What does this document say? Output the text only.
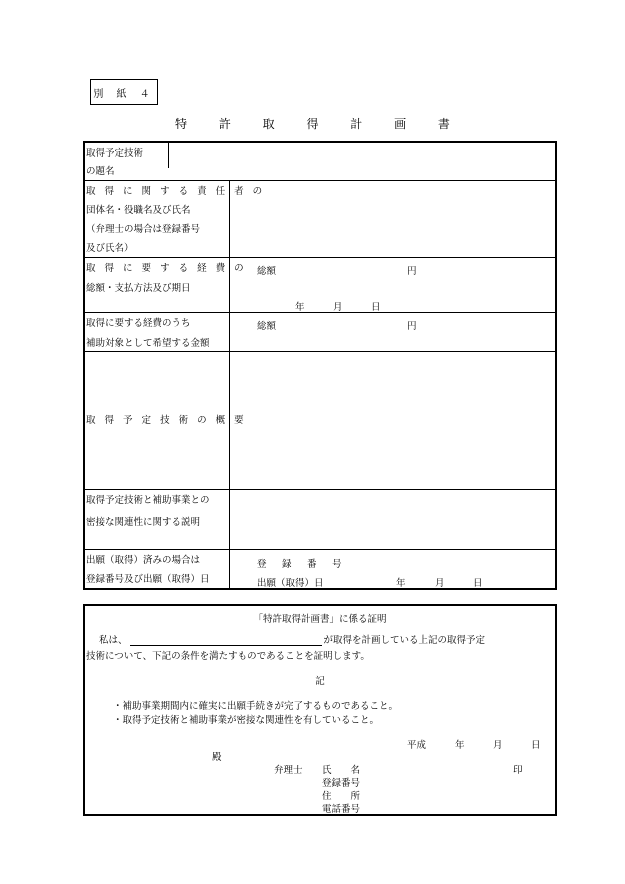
別 紙 ４
特 許 取 得 計 画 書
取得予定技術
の題名
取 得 に 関 す る 責 任 者 の
団体名・役職名及び氏名
（弁理士の場合は登録番号
及び氏名）
取 得 に 要 す る 経 費 の
総額・支払方法及び期日
総額	円
年	月	日
取得に要する経費のうち
補助対象として希望する金額
総額	円
取 得 予 定 技 術 の 概 要
取得予定技術と補助事業との
密接な関連性に関する説明
出願（取得）済みの場合は
登録番号及び出願（取得）日
登　録　番　号
出願（取得）日	年	月	日
「特許取得計画書」に係る証明
私は、	が取得を計画している上記の取得予定
技術について、下記の条件を満たすものであることを証明します。
記
・補助事業期間内に確実に出願手続きが完了するものであること。
・取得予定技術と補助事業が密接な関連性を有していること。
平成	年	月	日
殿
弁理士 氏　　名	印
登録番号
住　　所
電話番号
